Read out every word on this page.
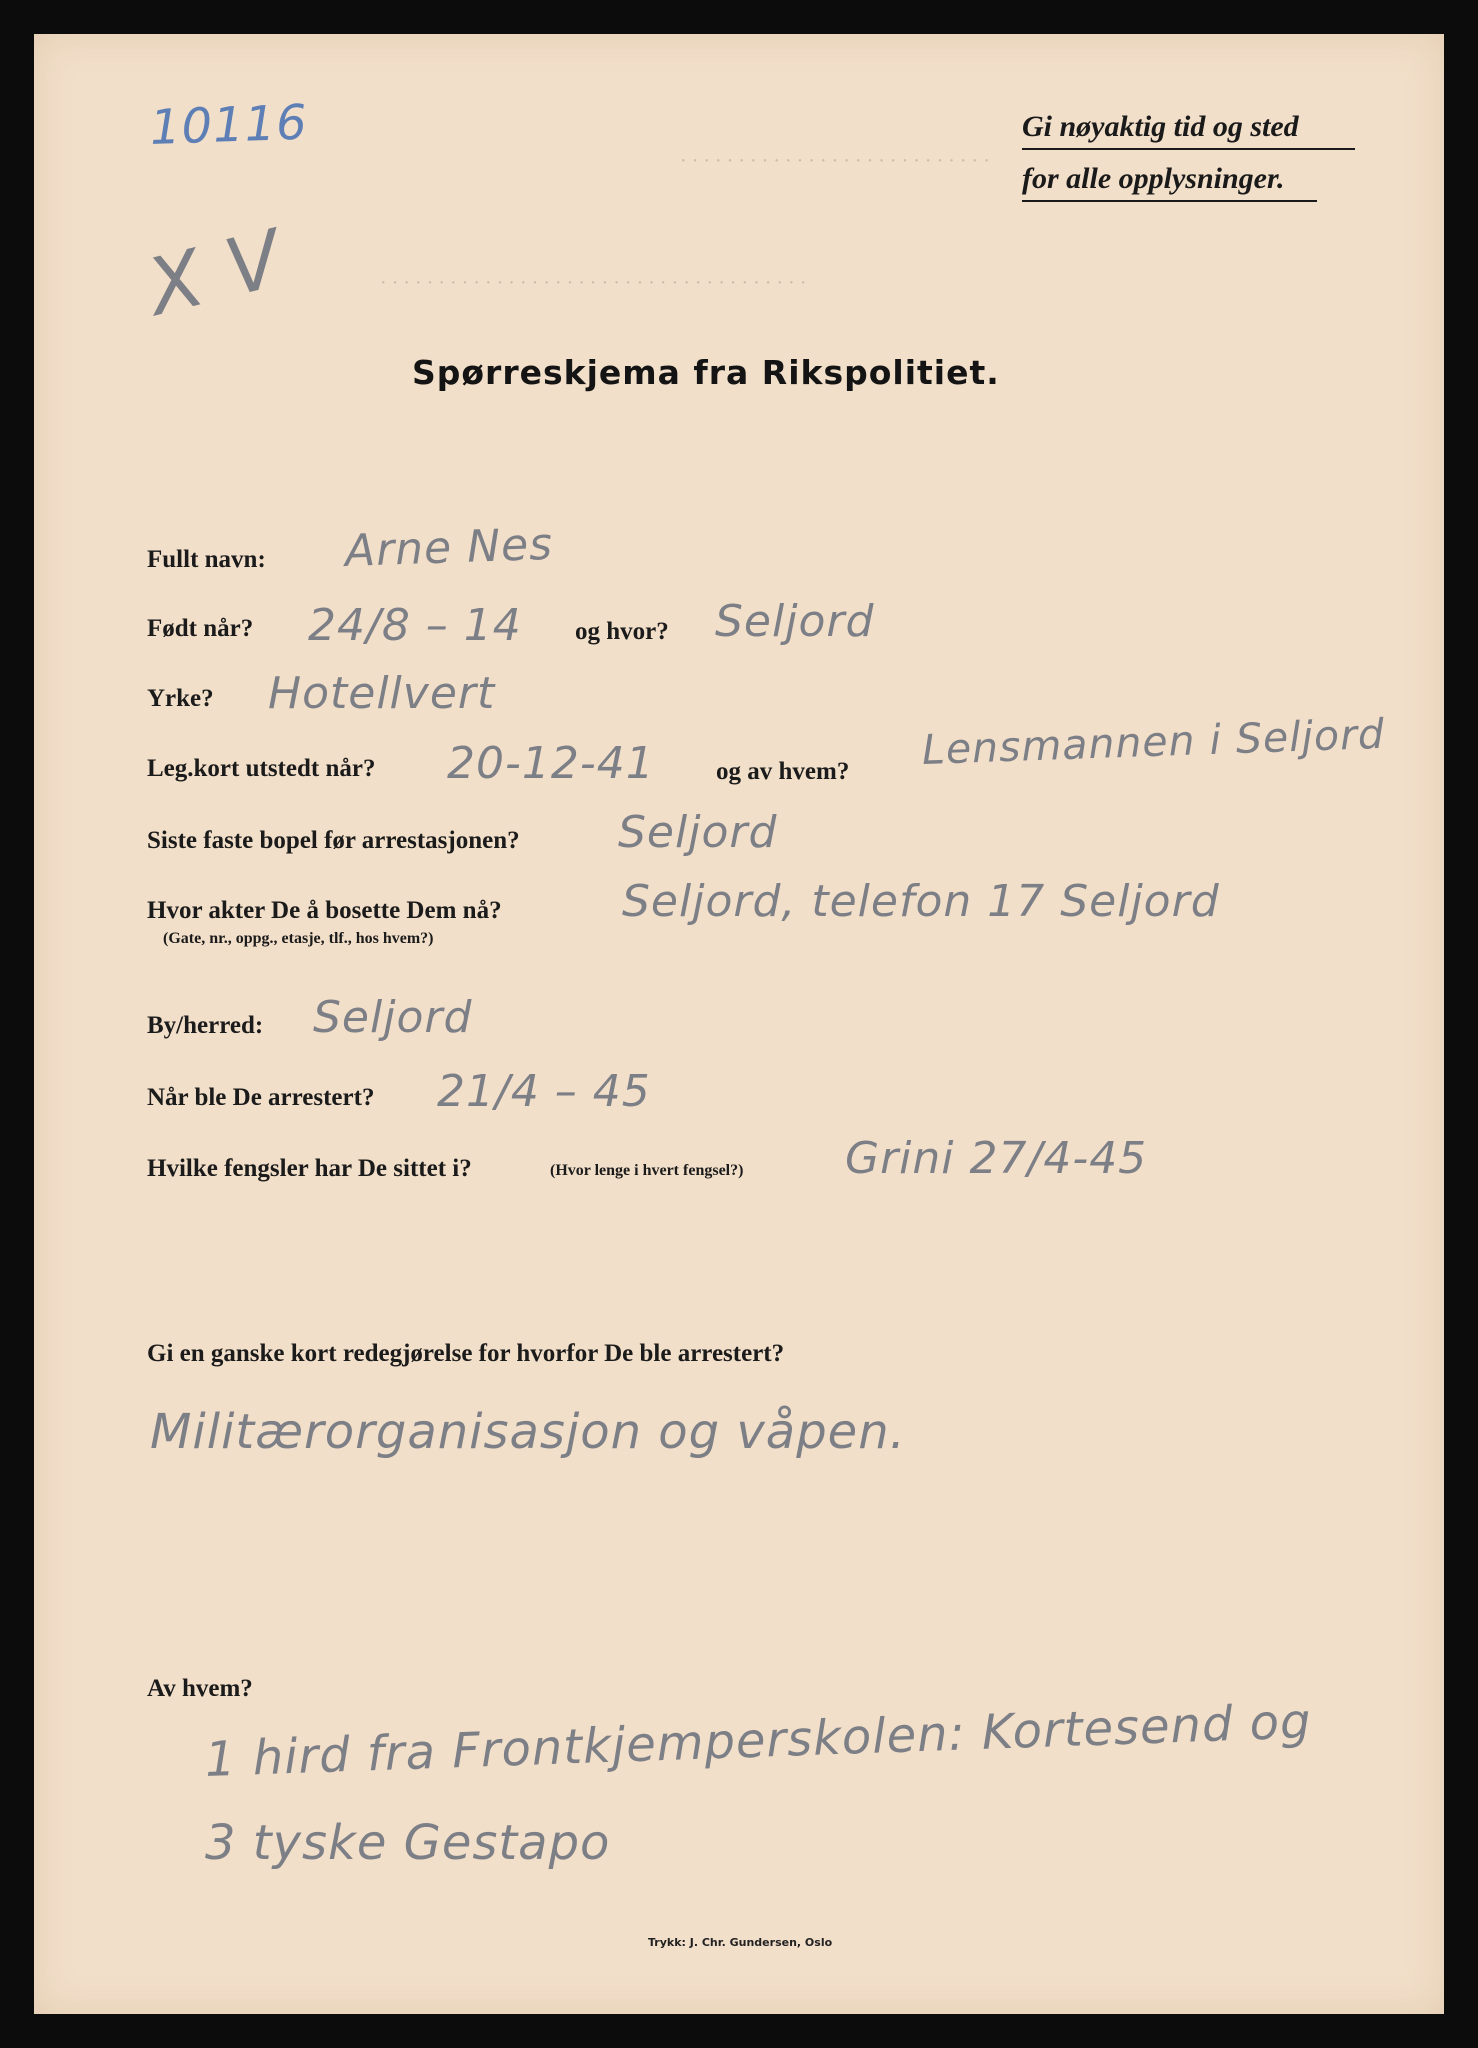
10116
X V
Gi nøyaktig tid og sted
for alle opplysninger.
· · · · · · · · · · · · · · · · · · · · · · · · · · · · · · · · · · · · ·
· · · · · · · · · · · · · · · · · · · · · · · · · · ·
Spørreskjema fra Rikspolitiet.
Fullt navn: Arne Nes
Født når? 24/8 – 14 og hvor? Seljord
Yrke? Hotellvert
Leg.kort utstedt når? 20-12-41 og av hvem? Lensmannen i Seljord
Siste faste bopel før arrestasjonen? Seljord
Hvor akter De å bosette Dem nå?
(Gate, nr., oppg., etasje, tlf., hos hvem?)
Seljord, telefon 17 Seljord
By/herred: Seljord
Når ble De arrestert? 21/4 – 45
Hvilke fengsler har De sittet i?	(Hvor lenge i hvert fengsel?) Grini 27/4-45
Gi en ganske kort redegjørelse for hvorfor De ble arrestert?
Militærorganisasjon og våpen.
Av hvem?
1 hird fra Frontkjemperskolen: Kortesend og
3 tyske Gestapo
Trykk: J. Chr. Gundersen, Oslo
